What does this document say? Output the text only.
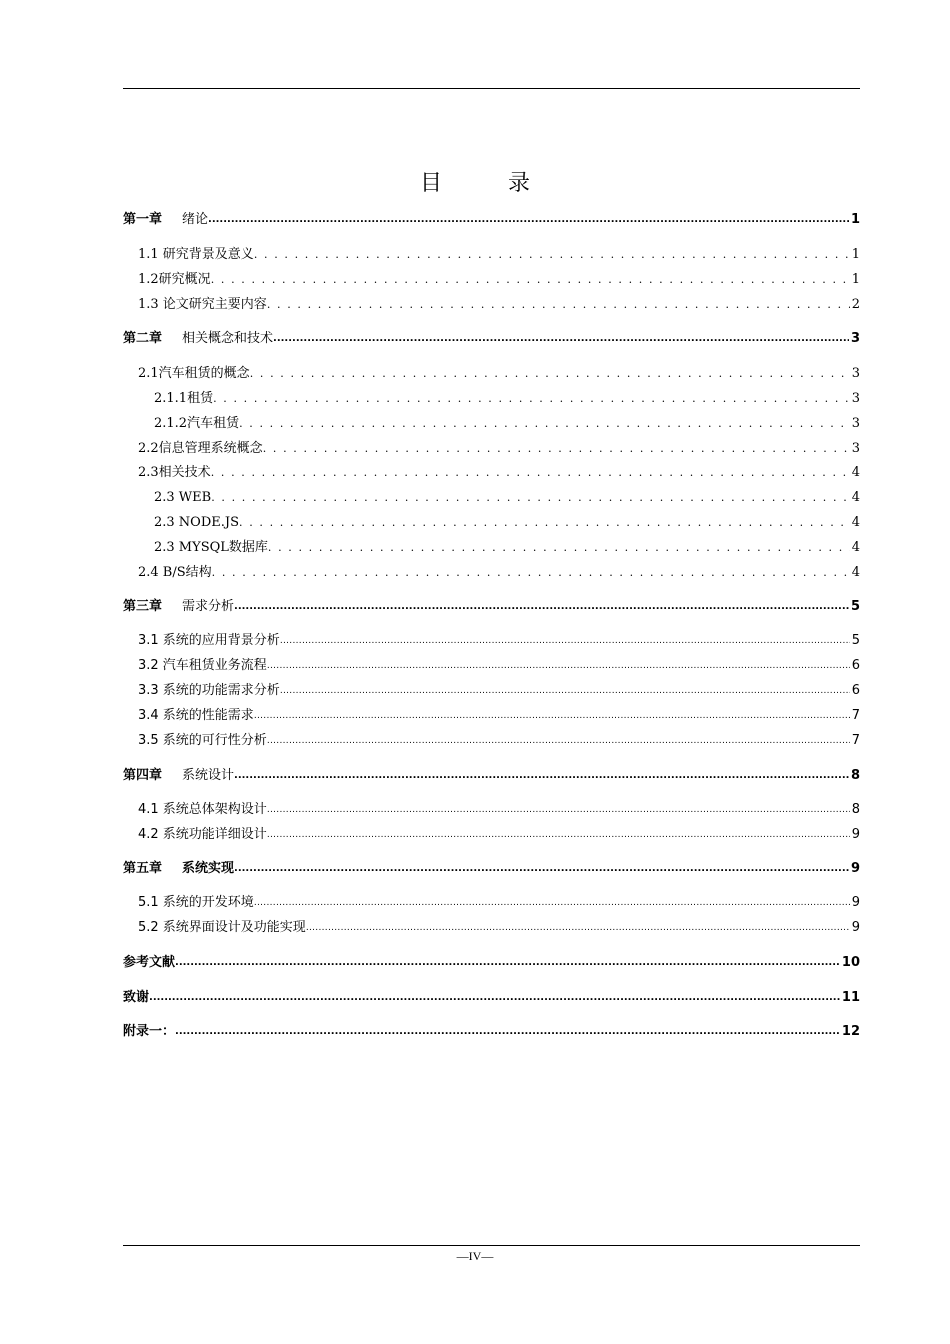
目　录
第一章 绪论 .....	1
1.1 研究背景及意义 . . .	1
1.2研究概况 . . .	1
1.3 论文研究主要内容 . . .	2
第二章 相关概念和技术 .....	3
2.1汽车租赁的概念 . . .	3
2.1.1租赁 . . .	3
2.1.2汽车租赁 . . .	3
2.2信息管理系统概念 . . .	3
2.3相关技术 . . .	4
2.3 WEB . . .	4
2.3 NODE.JS . . .	4
2.3 MYSQL数据库 . . .	4
2.4 B/S结构 . . .	4
第三章 需求分析 .....	5
3.1 系统的应用背景分析 .....	5
3.2 汽车租赁业务流程 .....	6
3.3 系统的功能需求分析 .....	6
3.4 系统的性能需求 .....	7
3.5 系统的可行性分析 .....	7
第四章 系统设计 .....	8
4.1 系统总体架构设计 .....	8
4.2 系统功能详细设计 .....	9
第五章 系统实现 .....	9
5.1 系统的开发环境 .....	9
5.2 系统界面设计及功能实现 .....	9
参考文献 .....	10
致谢 .....	11
附录一： .....	12
—IV—
